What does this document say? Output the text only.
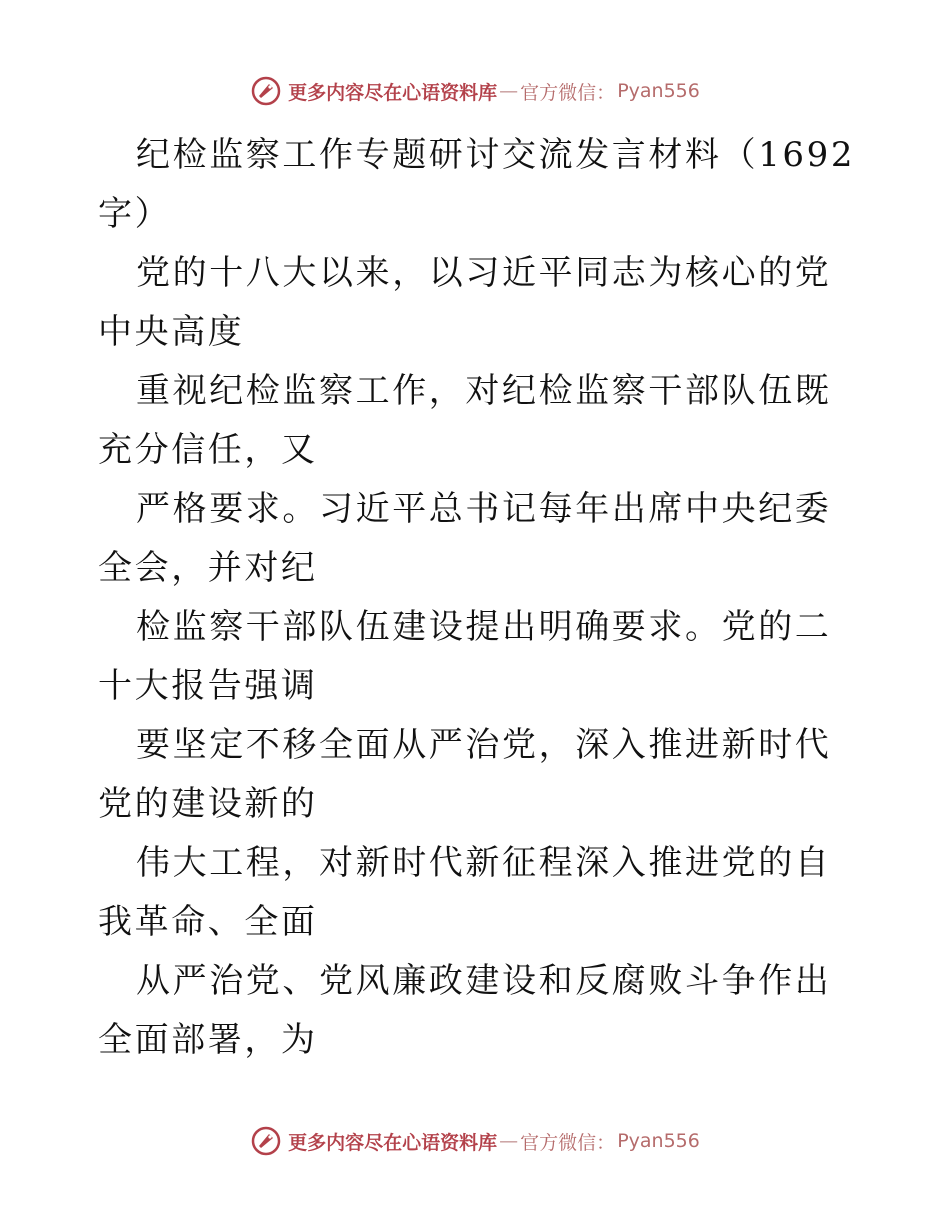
更多内容尽在心语资料库 — 官方微信： Pyan556

纪检监察工作专题研讨交流发言材料（1692字）

党的十八大以来，以习近平同志为核心的党中央高度

重视纪检监察工作，对纪检监察干部队伍既充分信任，又

严格要求。习近平总书记每年出席中央纪委全会，并对纪

检监察干部队伍建设提出明确要求。党的二十大报告强调

要坚定不移全面从严治党，深入推进新时代党的建设新的

伟大工程，对新时代新征程深入推进党的自我革命、全面

从严治党、党风廉政建设和反腐败斗争作出全面部署，为

更多内容尽在心语资料库 — 官方微信： Pyan556
